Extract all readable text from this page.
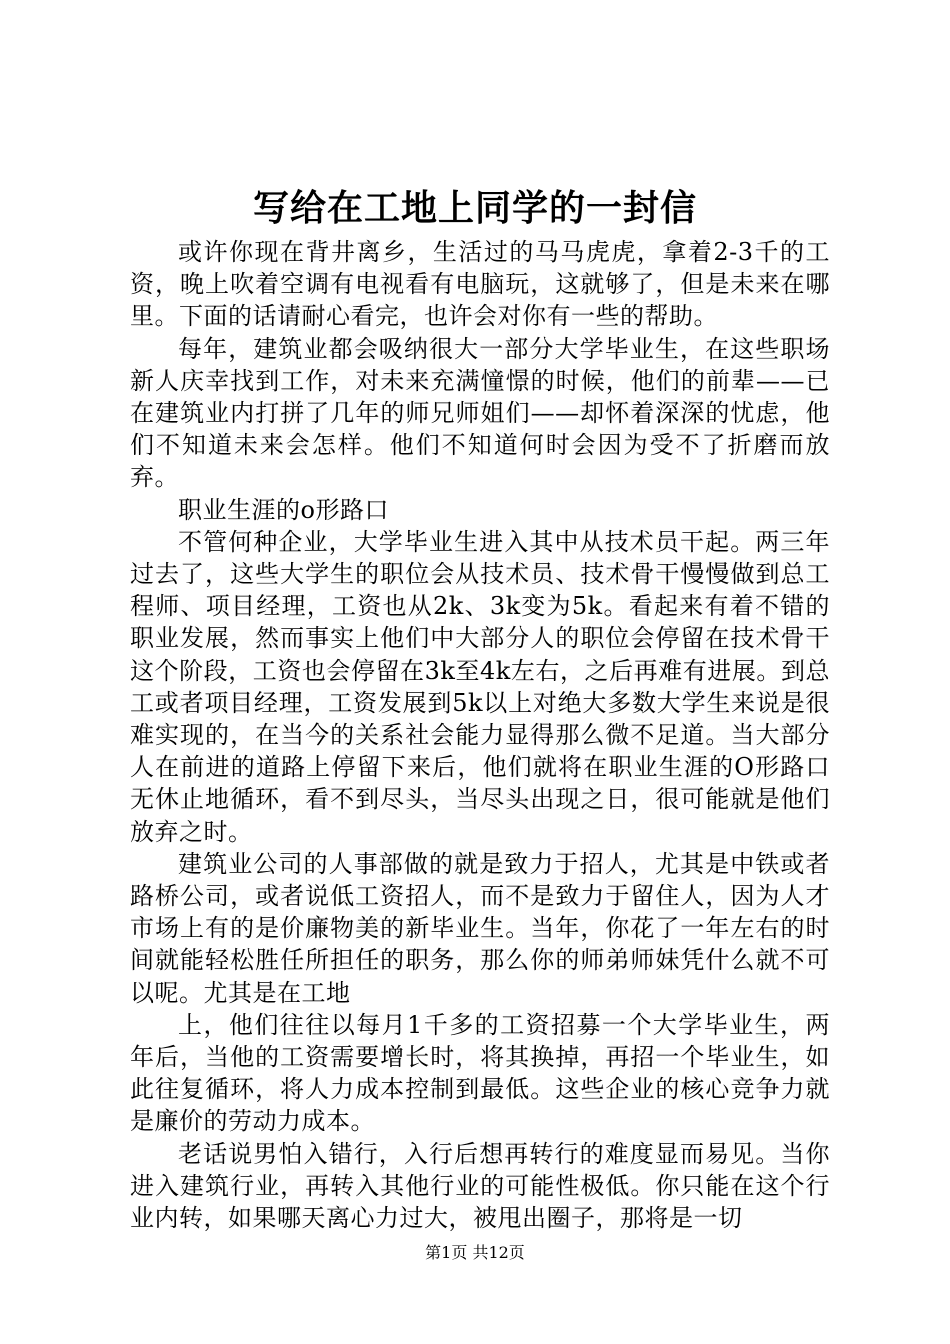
写给在工地上同学的一封信

或许你现在背井离乡，生活过的马马虎虎，拿着2-3千的工资，晚上吹着空调有电视看有电脑玩，这就够了，但是未来在哪里。下面的话请耐心看完，也许会对你有一些的帮助。

每年，建筑业都会吸纳很大一部分大学毕业生，在这些职场新人庆幸找到工作，对未来充满憧憬的时候，他们的前辈——已在建筑业内打拼了几年的师兄师姐们——却怀着深深的忧虑，他们不知道未来会怎样。他们不知道何时会因为受不了折磨而放弃。

职业生涯的o形路口

不管何种企业，大学毕业生进入其中从技术员干起。两三年过去了，这些大学生的职位会从技术员、技术骨干慢慢做到总工程师、项目经理，工资也从2k、3k变为5k。看起来有着不错的职业发展，然而事实上他们中大部分人的职位会停留在技术骨干这个阶段，工资也会停留在3k至4k左右，之后再难有进展。到总工或者项目经理，工资发展到5k以上对绝大多数大学生来说是很难实现的，在当今的关系社会能力显得那么微不足道。当大部分人在前进的道路上停留下来后，他们就将在职业生涯的O形路口无休止地循环，看不到尽头，当尽头出现之日，很可能就是他们放弃之时。

建筑业公司的人事部做的就是致力于招人，尤其是中铁或者路桥公司，或者说低工资招人，而不是致力于留住人，因为人才市场上有的是价廉物美的新毕业生。当年，你花了一年左右的时间就能轻松胜任所担任的职务，那么你的师弟师妹凭什么就不可以呢。尤其是在工地

上，他们往往以每月1千多的工资招募一个大学毕业生，两年后，当他的工资需要增长时，将其换掉，再招一个毕业生，如此往复循环，将人力成本控制到最低。这些企业的核心竞争力就是廉价的劳动力成本。

老话说男怕入错行，入行后想再转行的难度显而易见。当你进入建筑行业，再转入其他行业的可能性极低。你只能在这个行业内转，如果哪天离心力过大，被甩出圈子，那将是一切

第1页 共12页
